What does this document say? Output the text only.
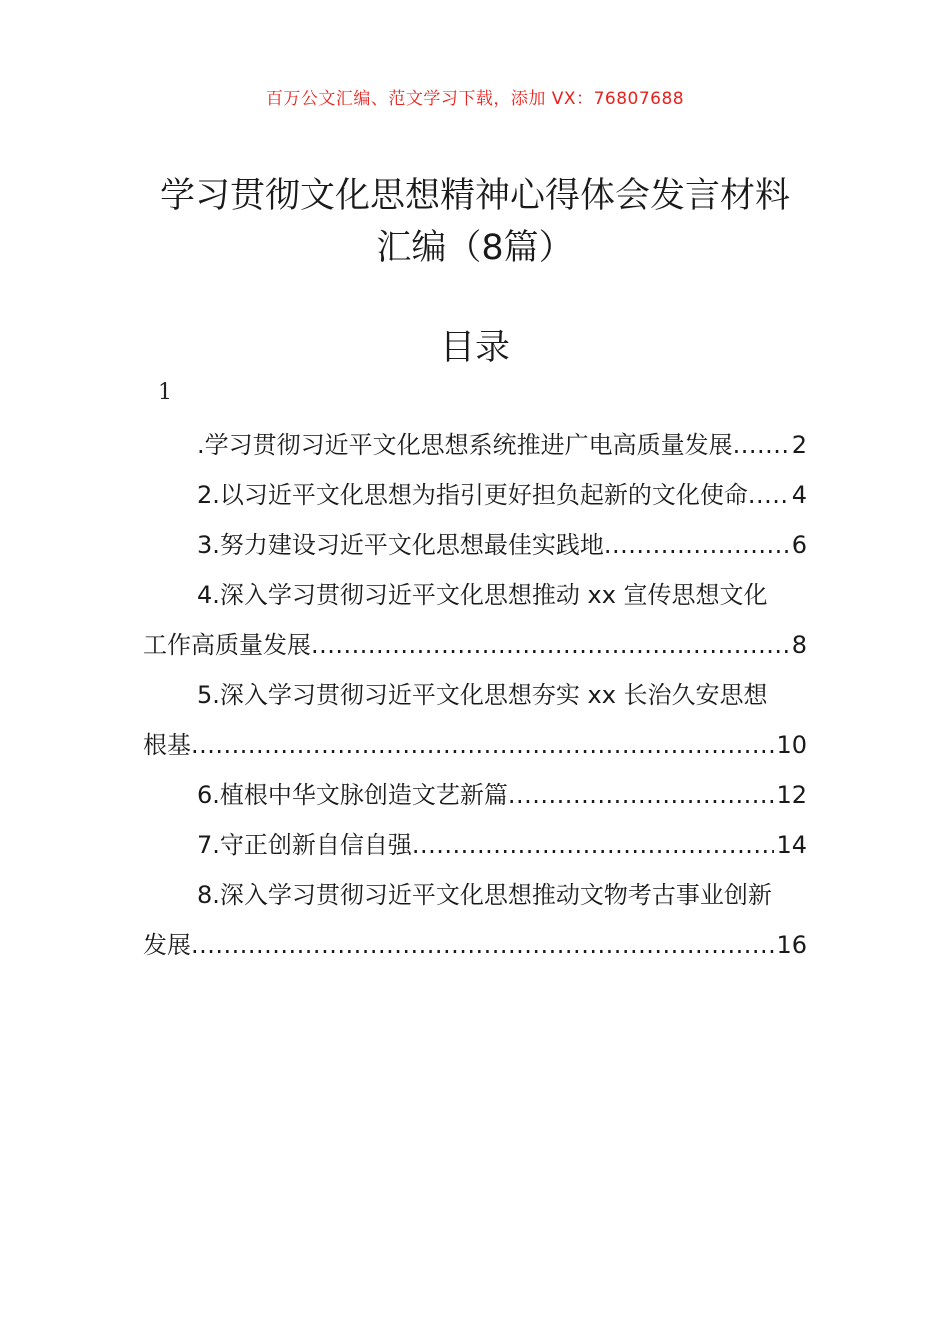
百万公文汇编、范文学习下载，添加 VX：76807688
学习贯彻文化思想精神心得体会发言材料
汇编（8篇）
目录
1
.学习贯彻习近平文化思想系统推进广电高质量发展 ..... 2
2.以习近平文化思想为指引更好担负起新的文化使命 ..... 4
3.努力建设习近平文化思想最佳实践地 .....	6
4.深入学习贯彻习近平文化思想推动 xx 宣传思想文化
工作高质量发展 .....	8
5.深入学习贯彻习近平文化思想夯实 xx 长治久安思想
根基 .....	10
6.植根中华文脉创造文艺新篇 .....	12
7.守正创新自信自强 .....	14
8.深入学习贯彻习近平文化思想推动文物考古事业创新
发展 .....	16
